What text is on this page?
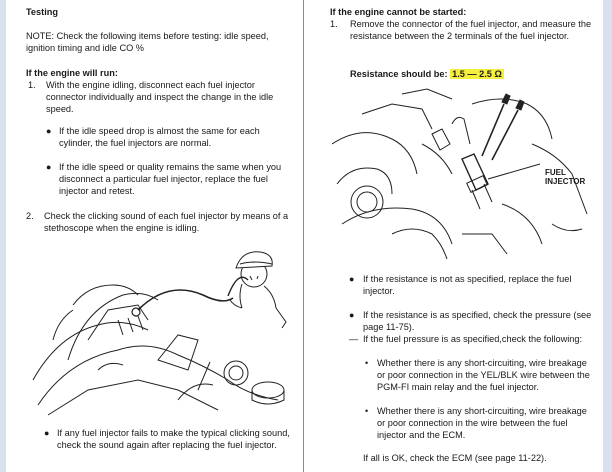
Testing

NOTE: Check the following items before testing: idle speed, ignition timing and idle CO %

If the engine will run:

1. With the engine idling, disconnect each fuel injector connector individually and inspect the change in the idle speed.

● If the idle speed drop is almost the same for each cylinder, the fuel injectors are normal.

● If the idle speed or quality remains the same when you disconnect a particular fuel injector, replace the fuel injector and retest.

2. Check the clicking sound of each fuel injector by means of a stethoscope when the engine is idling.

● If any fuel injector fails to make the typical clicking sound, check the sound again after replacing the fuel injector.

If the engine cannot be started:

1. Remove the connector of the fuel injector, and measure the resistance between the 2 terminals of the fuel injector.

Resistance should be: 1.5 — 2.5 Ω

FUEL INJECTOR

● If the resistance is not as specified, replace the fuel injector.

● If the resistance is as specified, check the pressure (see page 11-75).

— If the fuel pressure is as specified,check the following:

• Whether there is any short-circuiting, wire breakage or poor connection in the YEL/BLK wire between the PGM-FI main relay and the fuel injector.

• Whether there is any short-circuiting, wire breakage or poor connection in the wire between the fuel injector and the ECM.

If all is OK, check the ECM (see page 11-22).
